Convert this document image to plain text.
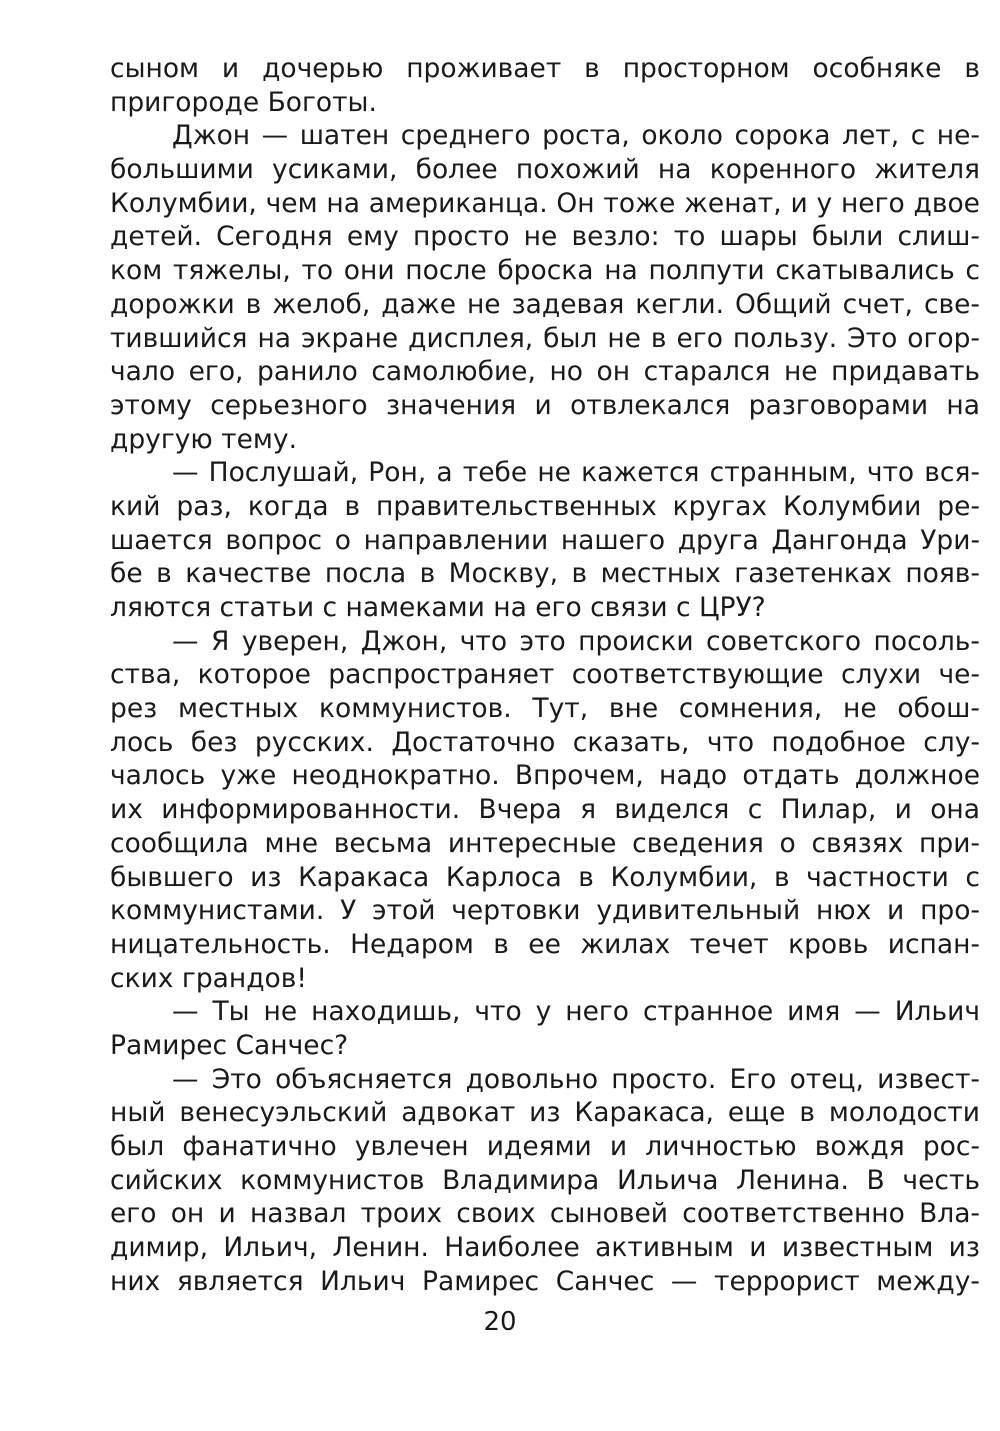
сыном и дочерью проживает в просторном особняке в
пригороде Боготы.
Джон — шатен среднего роста, около сорока лет, с не-
большими усиками, более похожий на коренного жителя
Колумбии, чем на американца. Он тоже женат, и у него двое
детей. Сегодня ему просто не везло: то шары были слиш-
ком тяжелы, то они после броска на полпути скатывались с
дорожки в желоб, даже не задевая кегли. Общий счет, све-
тившийся на экране дисплея, был не в его пользу. Это огор-
чало его, ранило самолюбие, но он старался не придавать
этому серьезного значения и отвлекался разговорами на
другую тему.
— Послушай, Рон, а тебе не кажется странным, что вся-
кий раз, когда в правительственных кругах Колумбии ре-
шается вопрос о направлении нашего друга Дангонда Ури-
бе в качестве посла в Москву, в местных газетенках появ-
ляются статьи с намеками на его связи с ЦРУ?
— Я уверен, Джон, что это происки советского посоль-
ства, которое распространяет соответствующие слухи че-
рез местных коммунистов. Тут, вне сомнения, не обош-
лось без русских. Достаточно сказать, что подобное слу-
чалось уже неоднократно. Впрочем, надо отдать должное
их информированности. Вчера я виделся с Пилар, и она
сообщила мне весьма интересные сведения о связях при-
бывшего из Каракаса Карлоса в Колумбии, в частности с
коммунистами. У этой чертовки удивительный нюх и про-
ницательность. Недаром в ее жилах течет кровь испан-
ских грандов!
— Ты не находишь, что у него странное имя — Ильич
Рамирес Санчес?
— Это объясняется довольно просто. Его отец, извест-
ный венесуэльский адвокат из Каракаса, еще в молодости
был фанатично увлечен идеями и личностью вождя рос-
сийских коммунистов Владимира Ильича Ленина. В честь
его он и назвал троих своих сыновей соответственно Вла-
димир, Ильич, Ленин. Наиболее активным и известным из
них является Ильич Рамирес Санчес — террорист между-
20
